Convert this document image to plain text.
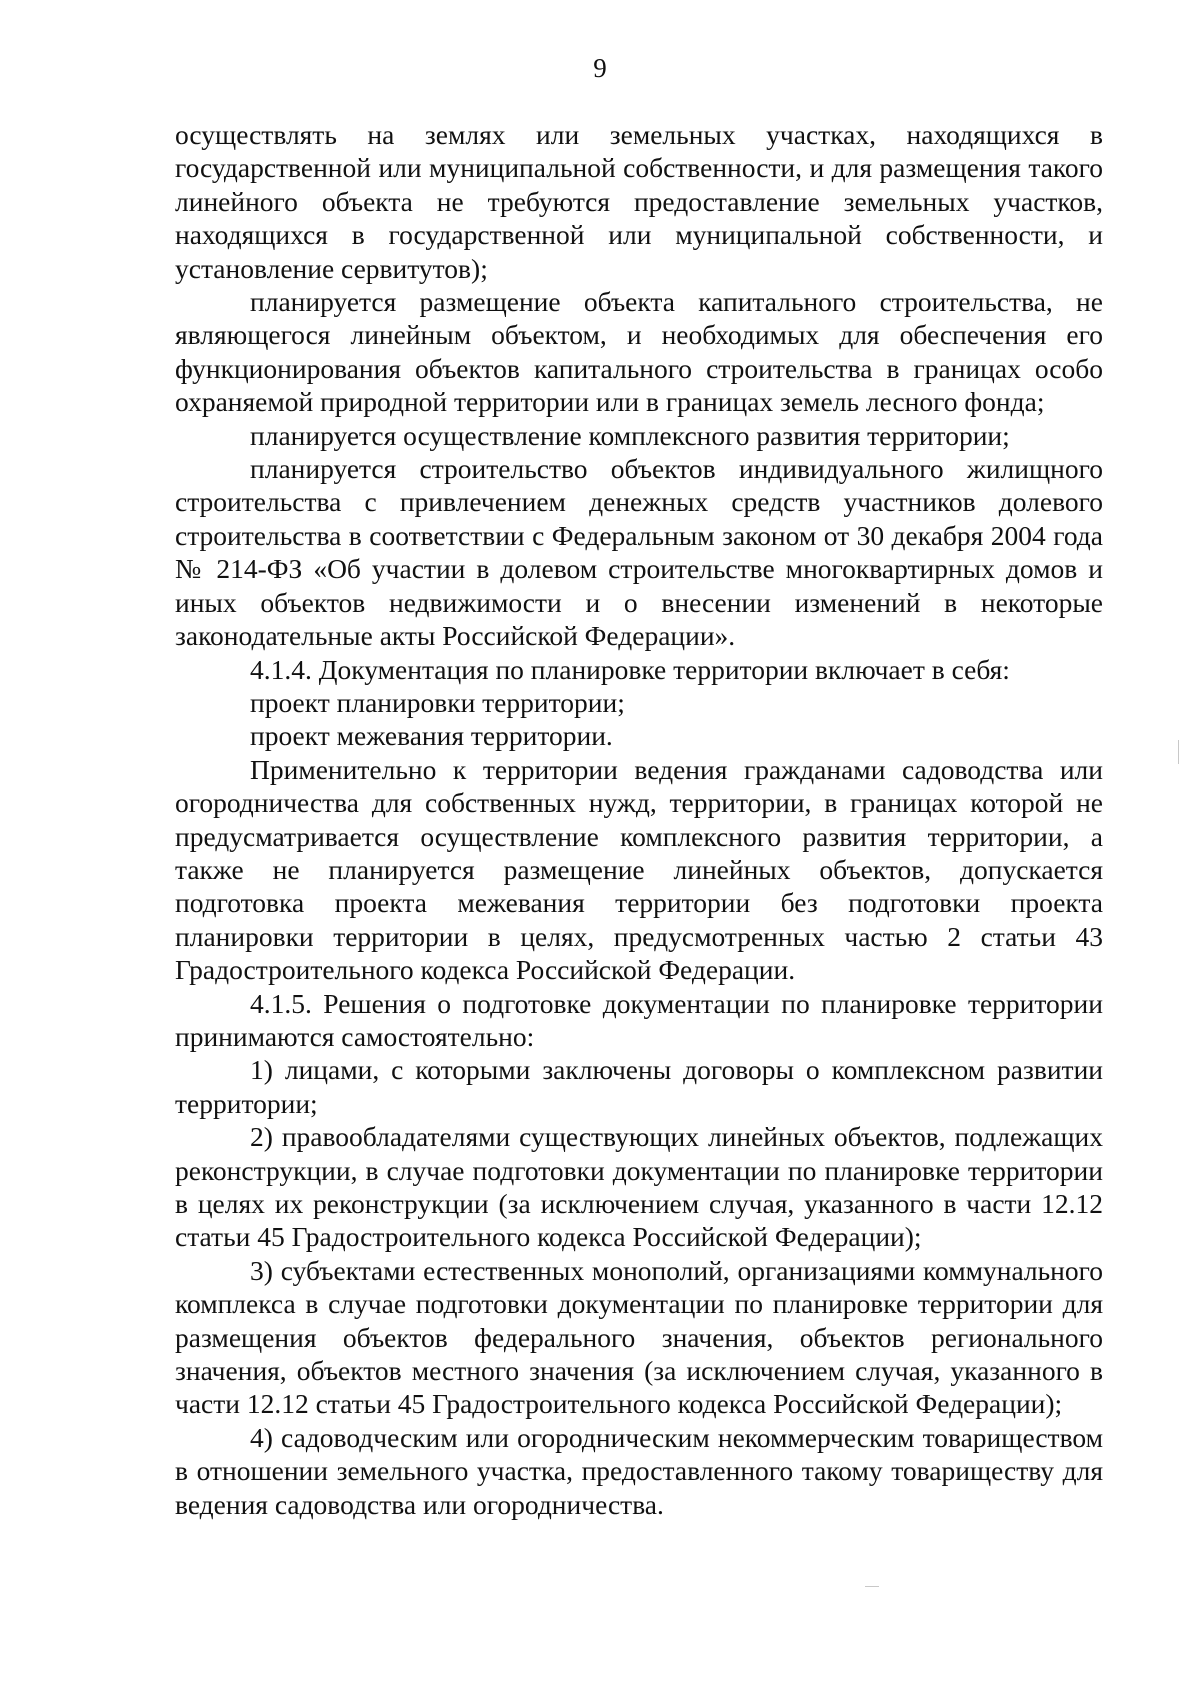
9

осуществлять на землях или земельных участках, находящихся в государственной или муниципальной собственности, и для размещения такого линейного объекта не требуются предоставление земельных участков, находящихся в государственной или муниципальной собственности, и установление сервитутов);

планируется размещение объекта капитального строительства, не являющегося линейным объектом, и необходимых для обеспечения его функционирования объектов капитального строительства в границах особо охраняемой природной территории или в границах земель лесного фонда;

планируется осуществление комплексного развития территории;

планируется строительство объектов индивидуального жилищного строительства с привлечением денежных средств участников долевого строительства в соответствии с Федеральным законом от 30 декабря 2004 года № 214-ФЗ «Об участии в долевом строительстве многоквартирных домов и иных объектов недвижимости и о внесении изменений в некоторые законодательные акты Российской Федерации».

4.1.4. Документация по планировке территории включает в себя:

проект планировки территории;

проект межевания территории.

Применительно к территории ведения гражданами садоводства или огородничества для собственных нужд, территории, в границах которой не предусматривается осуществление комплексного развития территории, а также не планируется размещение линейных объектов, допускается подготовка проекта межевания территории без подготовки проекта планировки территории в целях, предусмотренных частью 2 статьи 43 Градостроительного кодекса Российской Федерации.

4.1.5. Решения о подготовке документации по планировке территории принимаются самостоятельно:

1) лицами, с которыми заключены договоры о комплексном развитии территории;

2) правообладателями существующих линейных объектов, подлежащих реконструкции, в случае подготовки документации по планировке территории в целях их реконструкции (за исключением случая, указанного в части 12.12 статьи 45 Градостроительного кодекса Российской Федерации);

3) субъектами естественных монополий, организациями коммунального комплекса в случае подготовки документации по планировке территории для размещения объектов федерального значения, объектов регионального значения, объектов местного значения (за исключением случая, указанного в части 12.12 статьи 45 Градостроительного кодекса Российской Федерации);

4) садоводческим или огородническим некоммерческим товариществом в отношении земельного участка, предоставленного такому товариществу для ведения садоводства или огородничества.
